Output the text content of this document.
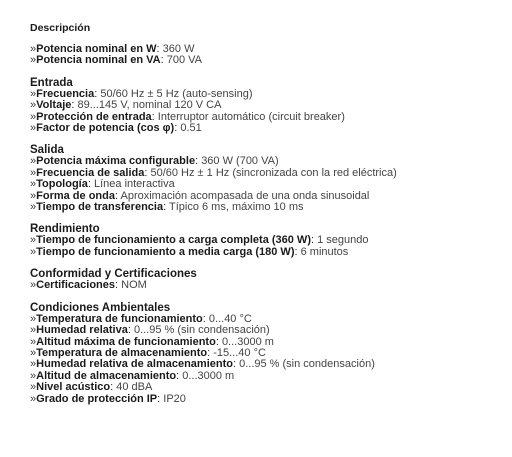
Descripción
»Potencia nominal en W: 360 W
»Potencia nominal en VA: 700 VA
Entrada
»Frecuencia: 50/60 Hz ± 5 Hz (auto-sensing)
»Voltaje: 89...145 V, nominal 120 V CA
»Protección de entrada: Interruptor automático (circuit breaker)
»Factor de potencia (cos φ): 0.51
Salida
»Potencia máxima configurable: 360 W (700 VA)
»Frecuencia de salida: 50/60 Hz ± 1 Hz (sincronizada con la red eléctrica)
»Topología: Línea interactiva
»Forma de onda: Aproximación acompasada de una onda sinusoidal
»Tiempo de transferencia: Típico 6 ms, máximo 10 ms
Rendimiento
»Tiempo de funcionamiento a carga completa (360 W): 1 segundo
»Tiempo de funcionamiento a media carga (180 W): 6 minutos
Conformidad y Certificaciones
»Certificaciones: NOM
Condiciones Ambientales
»Temperatura de funcionamiento: 0...40 °C
»Humedad relativa: 0...95 % (sin condensación)
»Altitud máxima de funcionamiento: 0...3000 m
»Temperatura de almacenamiento: -15...40 °C
»Humedad relativa de almacenamiento: 0...95 % (sin condensación)
»Altitud de almacenamiento: 0...3000 m
»Nivel acústico: 40 dBA
»Grado de protección IP: IP20
